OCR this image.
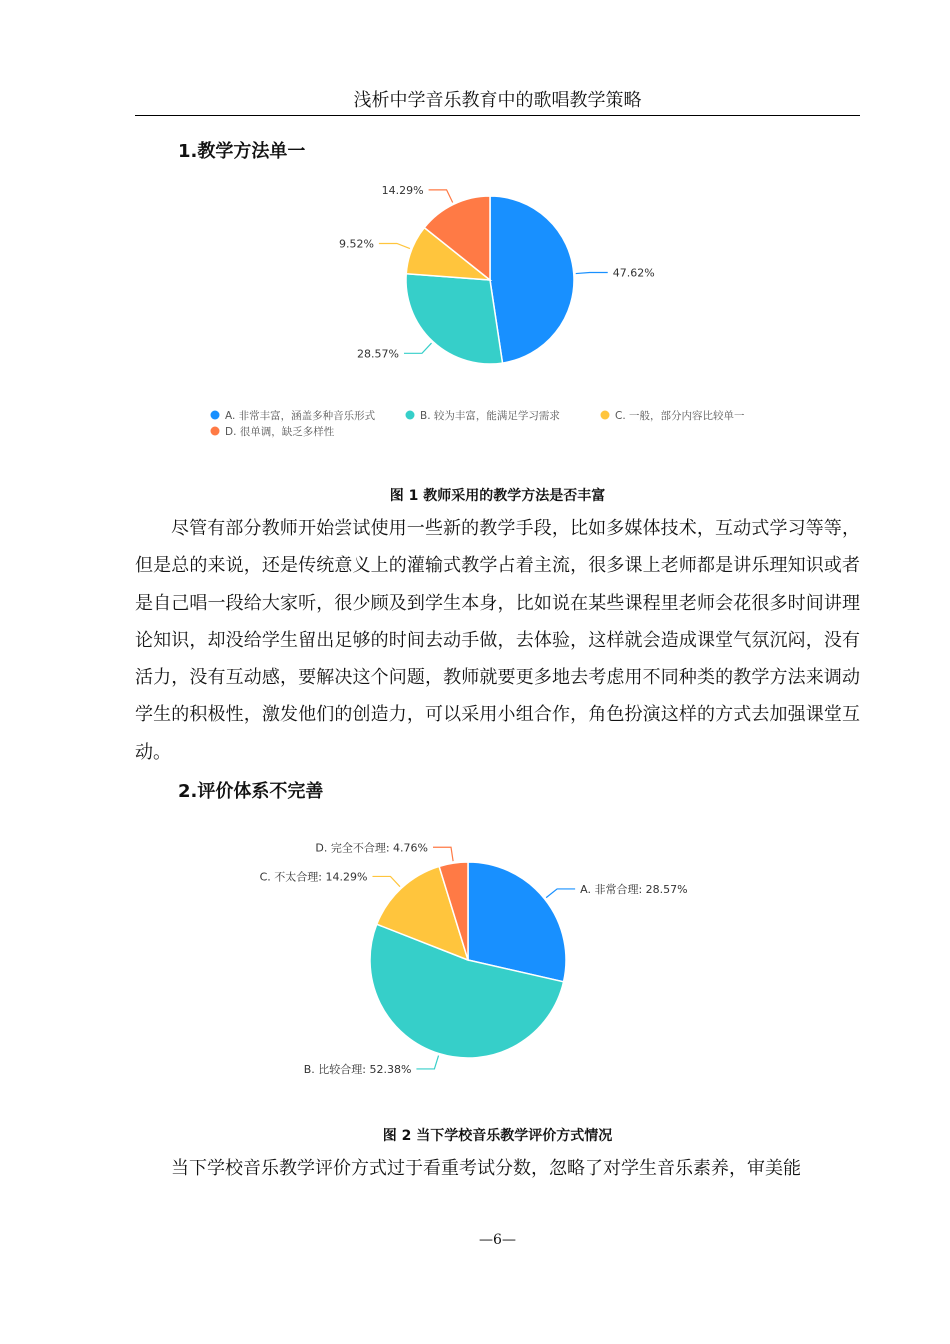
浅析中学音乐教育中的歌唱教学策略
1.教学方法单一
47.62%
28.57%
9.52%
14.29%
A. 非常丰富，涵盖多种音乐形式	B. 较为丰富，能满足学习需求	C. 一般，部分内容比较单一
D. 很单调，缺乏多样性
图 1 教师采用的教学方法是否丰富

尽管有部分教师开始尝试使用一些新的教学手段，比如多媒体技术，互动式学习等等，但是总的来说，还是传统意义上的灌输式教学占着主流，很多课上老师都是讲乐理知识或者是自己唱一段给大家听，很少顾及到学生本身，比如说在某些课程里老师会花很多时间讲理论知识，却没给学生留出足够的时间去动手做，去体验，这样就会造成课堂气氛沉闷，没有活力，没有互动感，要解决这个问题，教师就要更多地去考虑用不同种类的教学方法来调动学生的积极性，激发他们的创造力，可以采用小组合作，角色扮演这样的方式去加强课堂互动。

2.评价体系不完善
A. 非常合理: 28.57%
B. 比较合理: 52.38%
C. 不太合理: 14.29%
D. 完全不合理: 4.76%
图 2 当下学校音乐教学评价方式情况

当下学校音乐教学评价方式过于看重考试分数，忽略了对学生音乐素养，审美能

—6—
